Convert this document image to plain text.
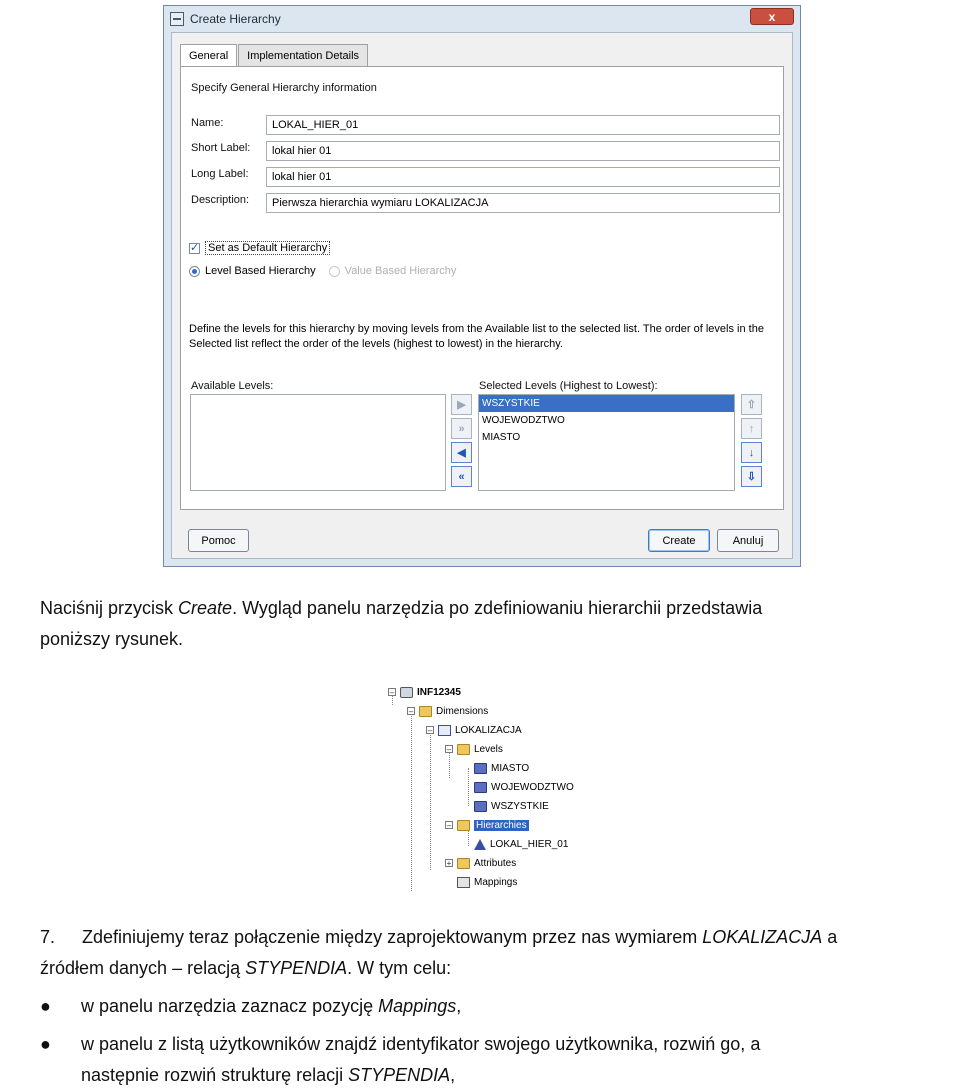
Create Hierarchy	x
General	Implementation Details
Specify General Hierarchy information
Name:	LOKAL_HIER_01
Short Label:	lokal hier 01
Long Label:	lokal hier 01
Description:	Pierwsza hierarchia wymiaru LOKALIZACJA
✓
Set as Default Hierarchy
Level Based Hierarchy	Value Based Hierarchy
Define the levels for this hierarchy by moving levels from the Available list to the selected list. The order of levels in the Selected list reflect the order of the levels (highest to lowest) in the hierarchy.
Available Levels:
▶
»
◀
«
Selected Levels (Highest to Lowest):
WSZYSTKIE
WOJEWODZTWO
MIASTO
⇧
↑
↓
⇩
Pomoc	Create	Anuluj
Naciśnij przycisk Create. Wygląd panelu narzędzia po zdefiniowaniu hierarchii przedstawia
poniższy rysunek.
– INF12345
– Dimensions
– LOKALIZACJA
– Levels
MIASTO
WOJEWODZTWO
WSZYSTKIE
– Hierarchies
LOKAL_HIER_01
+ Attributes
Mappings
7.	Zdefiniujemy teraz połączenie między zaprojektowanym przez nas wymiarem LOKALIZACJA a
źródłem danych – relacją STYPENDIA. W tym celu:
●	w panelu narzędzia zaznacz pozycję Mappings,
●	w panelu z listą użytkowników znajdź identyfikator swojego użytkownika, rozwiń go, a
następnie rozwiń strukturę relacji STYPENDIA,
